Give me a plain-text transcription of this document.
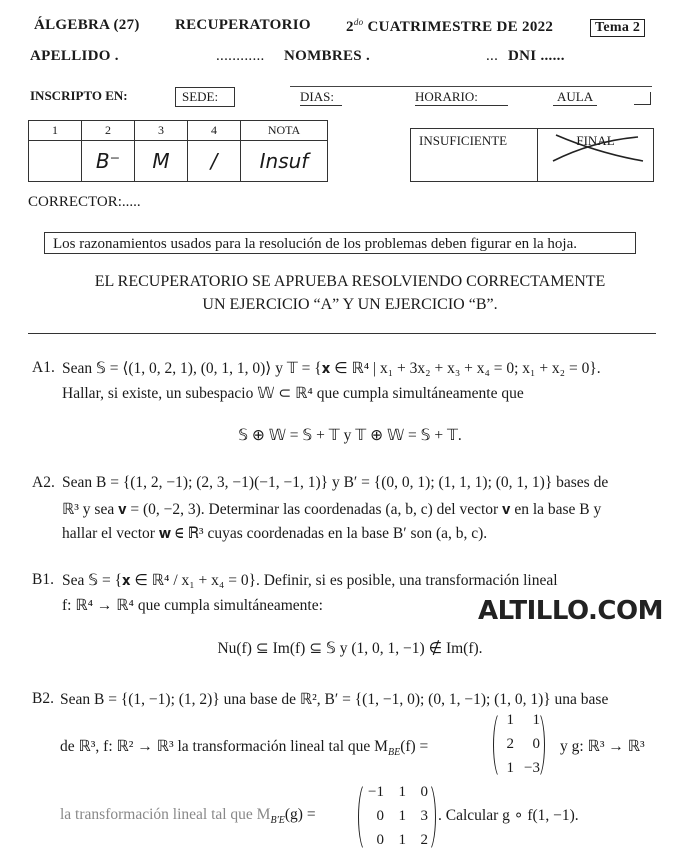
ÁLGEBRA (27) RECUPERATORIO $2^{do}$ CUATRIMESTRE DE 2022	Tema 2
APELLIDO .	............ NOMBRES .	... DNI ......
INSCRIPTO EN:	SEDE:	DIAS:	HORARIO:	AULA
1	2	3	4	NOTA
	B⁻	M	/	Insuf
INSUFICIENTE	FINAL
CORRECTOR:.....
Los razonamientos usados para la resolución de los problemas deben figurar en la hoja.
EL RECUPERATORIO SE APRUEBA RESOLVIENDO CORRECTAMENTE
UN EJERCICIO “A” Y UN EJERCICIO “B”.
A1. Sean 𝕊 = ⟨(1, 0, 2, 1), (0, 1, 1, 0)⟩ y 𝕋 = {𝐱 ∈ ℝ⁴ | x₁ + 3x₂ + x₃ + x₄ = 0; x₁ + x₂ = 0}.
Hallar, si existe, un subespacio 𝕎 ⊂ ℝ⁴ que cumpla simultáneamente que
𝕊 ⊕ 𝕎 = 𝕊 + 𝕋 y 𝕋 ⊕ 𝕎 = 𝕊 + 𝕋.
A2. Sean B = {(1, 2, −1); (2, 3, −1)(−1, −1, 1)} y B′ = {(0, 0, 1); (1, 1, 1); (0, 1, 1)} bases de
ℝ³ y sea 𝐯 = (0, −2, 3). Determinar las coordenadas (a, b, c) del vector 𝐯 en la base B y
hallar el vector 𝐰 ∈ ℝ³ cuyas coordenadas en la base B′ son (a, b, c).
B1. Sea 𝕊 = {𝐱 ∈ ℝ⁴ / x₁ + x₄ = 0}. Definir, si es posible, una transformación lineal
f: ℝ⁴ → ℝ⁴ que cumpla simultáneamente:	ALTILLO.COM
Nu(f) ⊆ Im(f) ⊆ 𝕊 y (1, 0, 1, −1) ∉ Im(f).
B2. Sean B = {(1, −1); (1, 2)} una base de ℝ², B′ = {(1, −1, 0); (0, 1, −1); (1, 0, 1)} una base
de ℝ³, f: ℝ² → ℝ³ la transformación lineal tal que $M_{BE}(f)$ =
1	1
2	0
1 −3
y g: ℝ³ → ℝ³
la transformación lineal tal que $M_{B'E}(g)$ =
−1 1 0
0 1 3
0 1 2
. Calcular g ∘ f(1, −1).
